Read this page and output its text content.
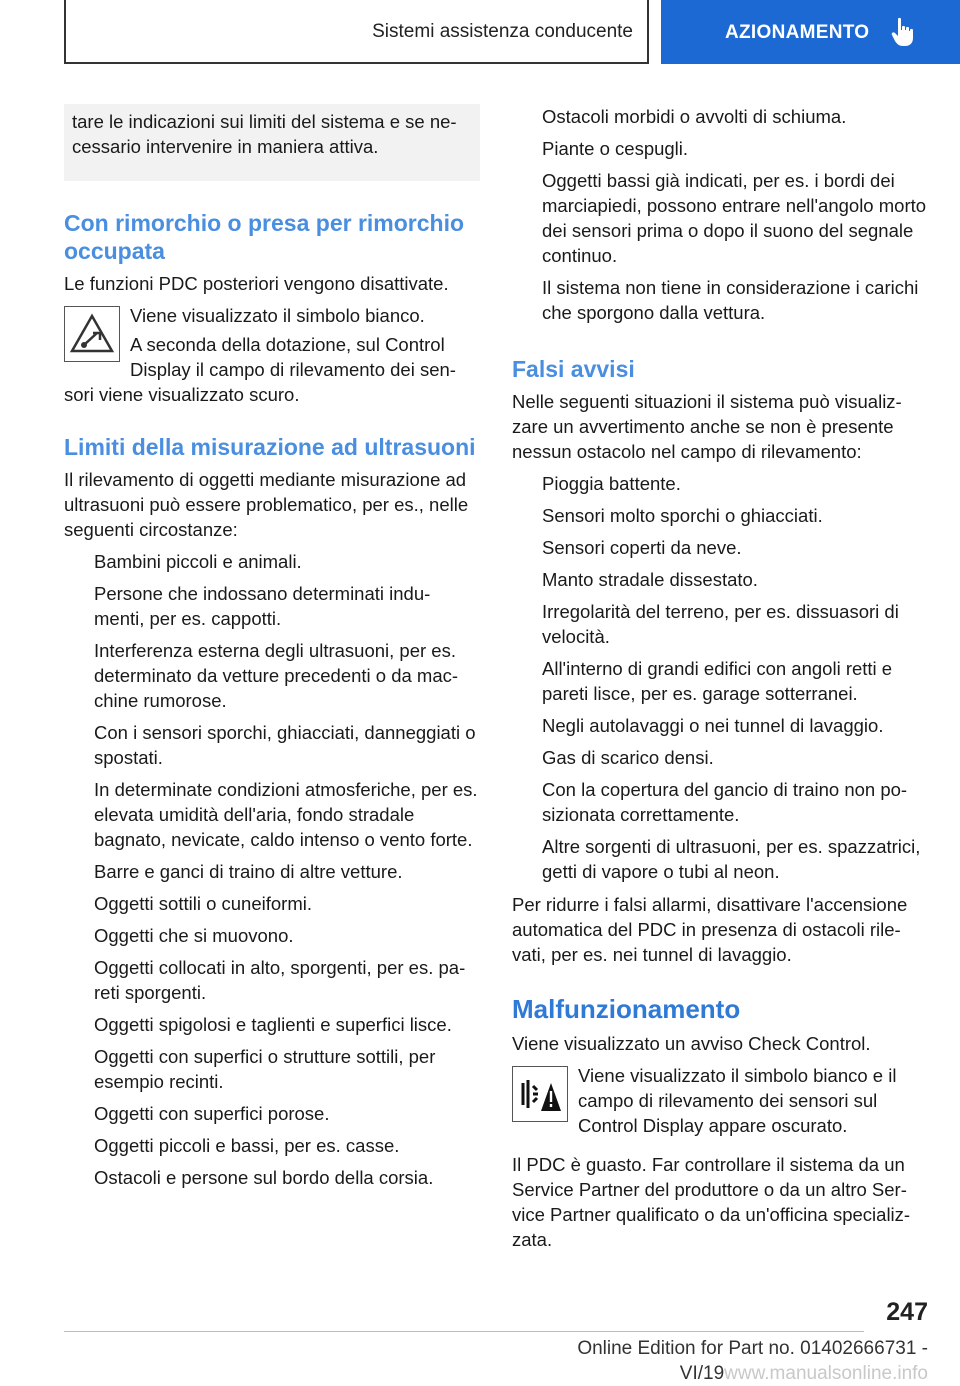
Sistemi assistenza conducente	AZIONAMENTO
tare le indicazioni sui limiti del sistema e se ne-cessario intervenire in maniera attiva.
Con rimorchio o presa per rimorchio occupata

Le funzioni PDC posteriori vengono disattivate.

Viene visualizzato il simbolo bianco.

A seconda della dotazione, sul Control Display il campo di rilevamento dei sen-sori viene visualizzato scuro.

Limiti della misurazione ad ultrasuoni

Il rilevamento di oggetti mediante misurazione ad ultrasuoni può essere problematico, per es., nelle seguenti circostanze:

Bambini piccoli e animali.
Persone che indossano determinati indu-menti, per es. cappotti.
Interferenza esterna degli ultrasuoni, per es. determinato da vetture precedenti o da mac-chine rumorose.
Con i sensori sporchi, ghiacciati, danneggiati o spostati.
In determinate condizioni atmosferiche, per es. elevata umidità dell'aria, fondo stradale bagnato, nevicate, caldo intenso o vento forte.
Barre e ganci di traino di altre vetture.
Oggetti sottili o cuneiformi.
Oggetti che si muovono.
Oggetti collocati in alto, sporgenti, per es. pa-reti sporgenti.
Oggetti spigolosi e taglienti e superfici lisce.
Oggetti con superfici o strutture sottili, per esempio recinti.
Oggetti con superfici porose.
Oggetti piccoli e bassi, per es. casse.
Ostacoli e persone sul bordo della corsia.
Ostacoli morbidi o avvolti di schiuma.
Piante o cespugli.
Oggetti bassi già indicati, per es. i bordi dei marciapiedi, possono entrare nell'angolo morto dei sensori prima o dopo il suono del segnale continuo.
Il sistema non tiene in considerazione i carichi che sporgono dalla vettura.
Falsi avvisi

Nelle seguenti situazioni il sistema può visualiz-zare un avvertimento anche se non è presente nessun ostacolo nel campo di rilevamento:

Pioggia battente.
Sensori molto sporchi o ghiacciati.
Sensori coperti da neve.
Manto stradale dissestato.
Irregolarità del terreno, per es. dissuasori di velocità.
All'interno di grandi edifici con angoli retti e pareti lisce, per es. garage sotterranei.
Negli autolavaggi o nei tunnel di lavaggio.
Gas di scarico densi.
Con la copertura del gancio di traino non po-sizionata correttamente.
Altre sorgenti di ultrasuoni, per es. spazzatrici, getti di vapore o tubi al neon.

Per ridurre i falsi allarmi, disattivare l'accensione automatica del PDC in presenza di ostacoli rile-vati, per es. nei tunnel di lavaggio.

Malfunzionamento

Viene visualizzato un avviso Check Control.

Viene visualizzato il simbolo bianco e il campo di rilevamento dei sensori sul Control Display appare oscurato.

Il PDC è guasto. Far controllare il sistema da un Service Partner del produttore o da un altro Ser-vice Partner qualificato o da un'officina specializ-zata.

247
Online Edition for Part no. 01402666731 - VI/19www.manualsonline.info
